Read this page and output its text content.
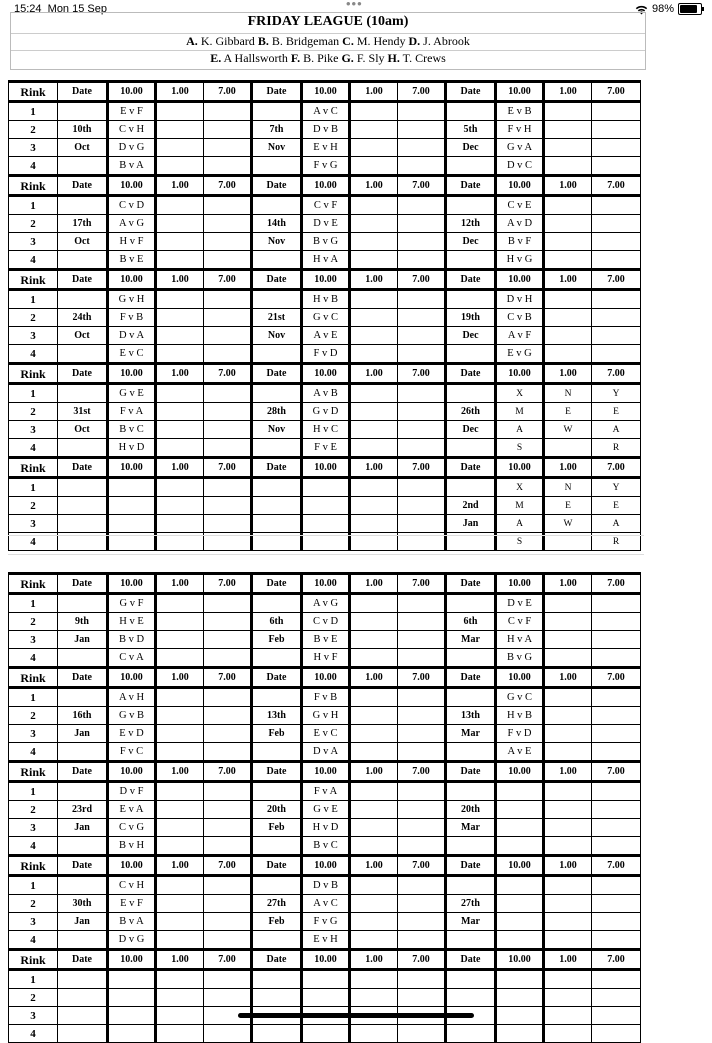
15:24 Mon 15 Sep	•••	98%
FRIDAY LEAGUE (10am)
A. K. Gibbard B. B. Bridgeman C. M. Hendy D. J. Abrook
E. A Hallsworth F. B. Pike G. F. Sly H. T. Crews
Rink	Date	10.00	1.00	7.00	Date	10.00	1.00	7.00	Date	10.00	1.00	7.00
1		E v F				A v C				E v B		
2	10th	C v H			7th	D v B			5th	F v H		
3	Oct	D v G			Nov	E v H			Dec	G v A		
4		B v A				F v G				D v C		
Rink	Date	10.00	1.00	7.00	Date	10.00	1.00	7.00	Date	10.00	1.00	7.00
1		C v D				C v F				C v E		
2	17th	A v G			14th	D v E			12th	A v D		
3	Oct	H v F			Nov	B v G			Dec	B v F		
4		B v E				H v A				H v G		
Rink	Date	10.00	1.00	7.00	Date	10.00	1.00	7.00	Date	10.00	1.00	7.00
1		G v H				H v B				D v H		
2	24th	F v B			21st	G v C			19th	C v B		
3	Oct	D v A			Nov	A v E			Dec	A v F		
4		E v C				F v D				E v G		
Rink	Date	10.00	1.00	7.00	Date	10.00	1.00	7.00	Date	10.00	1.00	7.00
1		G v E				A v B				X	N	Y
2	31st	F v A			28th	G v D			26th	M	E	E
3	Oct	B v C			Nov	H v C			Dec	A	W	A
4		H v D				F v E				S		R
Rink	Date	10.00	1.00	7.00	Date	10.00	1.00	7.00	Date	10.00	1.00	7.00
1										X	N	Y
2									2nd	M	E	E
3									Jan	A	W	A
4										S		R
Rink	Date	10.00	1.00	7.00	Date	10.00	1.00	7.00	Date	10.00	1.00	7.00
1		G v F				A v G				D v E		
2	9th	H v E			6th	C v D			6th	C v F		
3	Jan	B v D			Feb	B v E			Mar	H v A		
4		C v A				H v F				B v G		
Rink	Date	10.00	1.00	7.00	Date	10.00	1.00	7.00	Date	10.00	1.00	7.00
1		A v H				F v B				G v C		
2	16th	G v B			13th	G v H			13th	H v B		
3	Jan	E v D			Feb	E v C			Mar	F v D		
4		F v C				D v A				A v E		
Rink	Date	10.00	1.00	7.00	Date	10.00	1.00	7.00	Date	10.00	1.00	7.00
1		D v F				F v A						
2	23rd	E v A			20th	G v E			20th			
3	Jan	C v G			Feb	H v D			Mar			
4		B v H				B v C						
Rink	Date	10.00	1.00	7.00	Date	10.00	1.00	7.00	Date	10.00	1.00	7.00
1		C v H				D v B						
2	30th	E v F			27th	A v C			27th			
3	Jan	B v A			Feb	F v G			Mar			
4		D v G				E v H						
Rink	Date	10.00	1.00	7.00	Date	10.00	1.00	7.00	Date	10.00	1.00	7.00
1												
2												
3												
4												
